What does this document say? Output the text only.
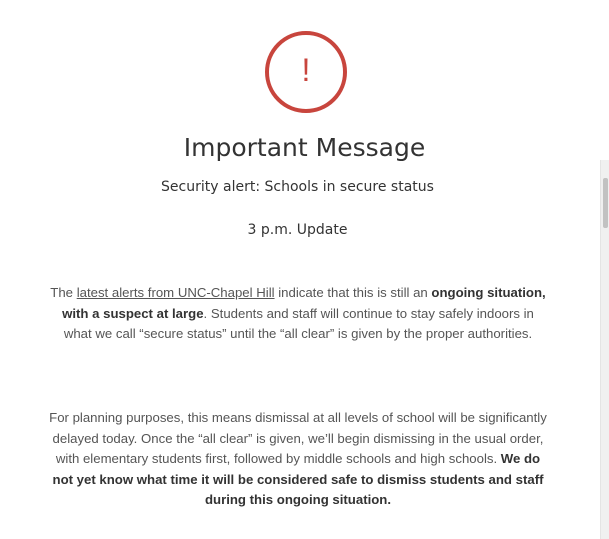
!
Important Message

Security alert: Schools in secure status

3 p.m. Update

The latest alerts from UNC-Chapel Hill indicate that this is still an ongoing situation, with a suspect at large. Students and staff will continue to stay safely indoors in what we call “secure status” until the “all clear” is given by the proper authorities.

For planning purposes, this means dismissal at all levels of school will be significantly delayed today. Once the “all clear” is given, we’ll begin dismissing in the usual order, with elementary students first, followed by middle schools and high schools. We do not yet know what time it will be considered safe to dismiss students and staff during this ongoing situation.
